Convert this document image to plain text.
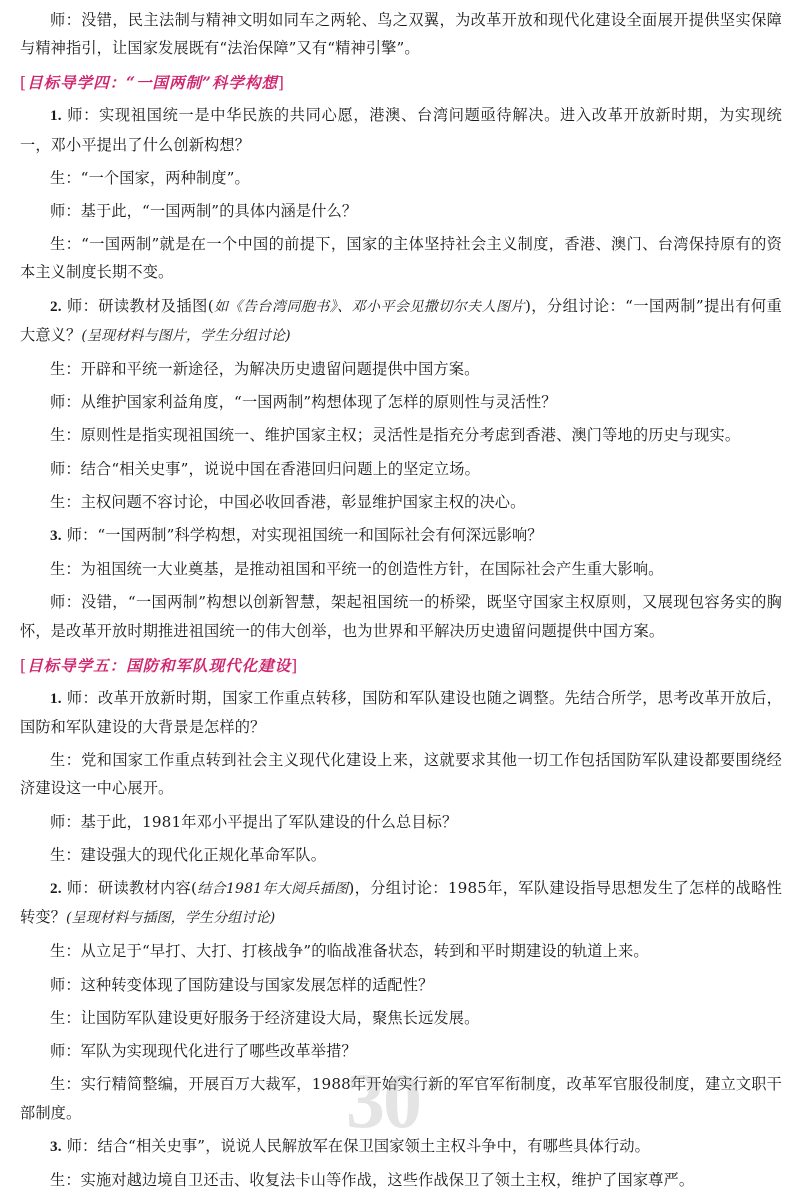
师：没错，民主法制与精神文明如同车之两轮、鸟之双翼，为改革开放和现代化建设全面展开提供坚实保障与精神指引，让国家发展既有“法治保障”又有“精神引擎”。

[目标导学四：“一国两制”科学构想]

1. 师：实现祖国统一是中华民族的共同心愿，港澳、台湾问题亟待解决。进入改革开放新时期，为实现统一，邓小平提出了什么创新构想？

生：“一个国家，两种制度”。

师：基于此，“一国两制”的具体内涵是什么？

生：“一国两制”就是在一个中国的前提下，国家的主体坚持社会主义制度，香港、澳门、台湾保持原有的资本主义制度长期不变。

2. 师：研读教材及插图(如《告台湾同胞书》、邓小平会见撒切尔夫人图片)，分组讨论：“一国两制”提出有何重大意义？(呈现材料与图片，学生分组讨论)

生：开辟和平统一新途径，为解决历史遗留问题提供中国方案。

师：从维护国家利益角度，“一国两制”构想体现了怎样的原则性与灵活性？

生：原则性是指实现祖国统一、维护国家主权；灵活性是指充分考虑到香港、澳门等地的历史与现实。

师：结合“相关史事”，说说中国在香港回归问题上的坚定立场。

生：主权问题不容讨论，中国必收回香港，彰显维护国家主权的决心。

3. 师：“一国两制”科学构想，对实现祖国统一和国际社会有何深远影响？

生：为祖国统一大业奠基，是推动祖国和平统一的创造性方针，在国际社会产生重大影响。

师：没错，“一国两制”构想以创新智慧，架起祖国统一的桥梁，既坚守国家主权原则，又展现包容务实的胸怀，是改革开放时期推进祖国统一的伟大创举，也为世界和平解决历史遗留问题提供中国方案。

[目标导学五：国防和军队现代化建设]

1. 师：改革开放新时期，国家工作重点转移，国防和军队建设也随之调整。先结合所学，思考改革开放后，国防和军队建设的大背景是怎样的？

生：党和国家工作重点转到社会主义现代化建设上来，这就要求其他一切工作包括国防军队建设都要围绕经济建设这一中心展开。

师：基于此，1981年邓小平提出了军队建设的什么总目标？

生：建设强大的现代化正规化革命军队。

2. 师：研读教材内容(结合1981年大阅兵插图)，分组讨论：1985年，军队建设指导思想发生了怎样的战略性转变？(呈现材料与插图，学生分组讨论)

生：从立足于“早打、大打、打核战争”的临战准备状态，转到和平时期建设的轨道上来。

师：这种转变体现了国防建设与国家发展怎样的适配性？

生：让国防军队建设更好服务于经济建设大局，聚焦长远发展。

师：军队为实现现代化进行了哪些改革举措？

生：实行精简整编，开展百万大裁军，1988年开始实行新的军官军衔制度，改革军官服役制度，建立文职干部制度。

3. 师：结合“相关史事”，说说人民解放军在保卫国家领土主权斗争中，有哪些具体行动。

生：实施对越边境自卫还击、收复法卡山等作战，这些作战保卫了领土主权，维护了国家尊严。

30
